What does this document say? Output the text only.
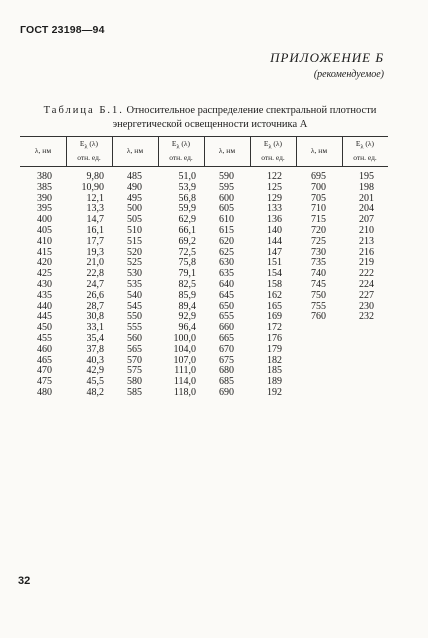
ГОСТ 23198—94
ПРИЛОЖЕНИЕ Б
(рекомендуемое)
Таблица Б.1. Относительное распределение спектральной плотности
энергетической освещенности источника А
λ, нм
$E_\lambda$ (λ)
отн. ед.
λ, нм
$E_\lambda$ (λ)
отн. ед.
λ, нм
$E_\lambda$ (λ)
отн. ед.
λ, нм
$E_\lambda$ (λ)
отн. ед.
380
385
390
395
400
405
410
415
420
425
430
435
440
445
450
455
460
465
470
475
480
9,80
10,90
12,1
13,3
14,7
16,1
17,7
19,3
21,0
22,8
24,7
26,6
28,7
30,8
33,1
35,4
37,8
40,3
42,9
45,5
48,2
485
490
495
500
505
510
515
520
525
530
535
540
545
550
555
560
565
570
575
580
585
51,0
53,9
56,8
59,9
62,9
66,1
69,2
72,5
75,8
79,1
82,5
85,9
89,4
92,9
96,4
100,0
104,0
107,0
111,0
114,0
118,0
590
595
600
605
610
615
620
625
630
635
640
645
650
655
660
665
670
675
680
685
690
122
125
129
133
136
140
144
147
151
154
158
162
165
169
172
176
179
182
185
189
192
695
700
705
710
715
720
725
730
735
740
745
750
755
760
195
198
201
204
207
210
213
216
219
222
224
227
230
232
32
